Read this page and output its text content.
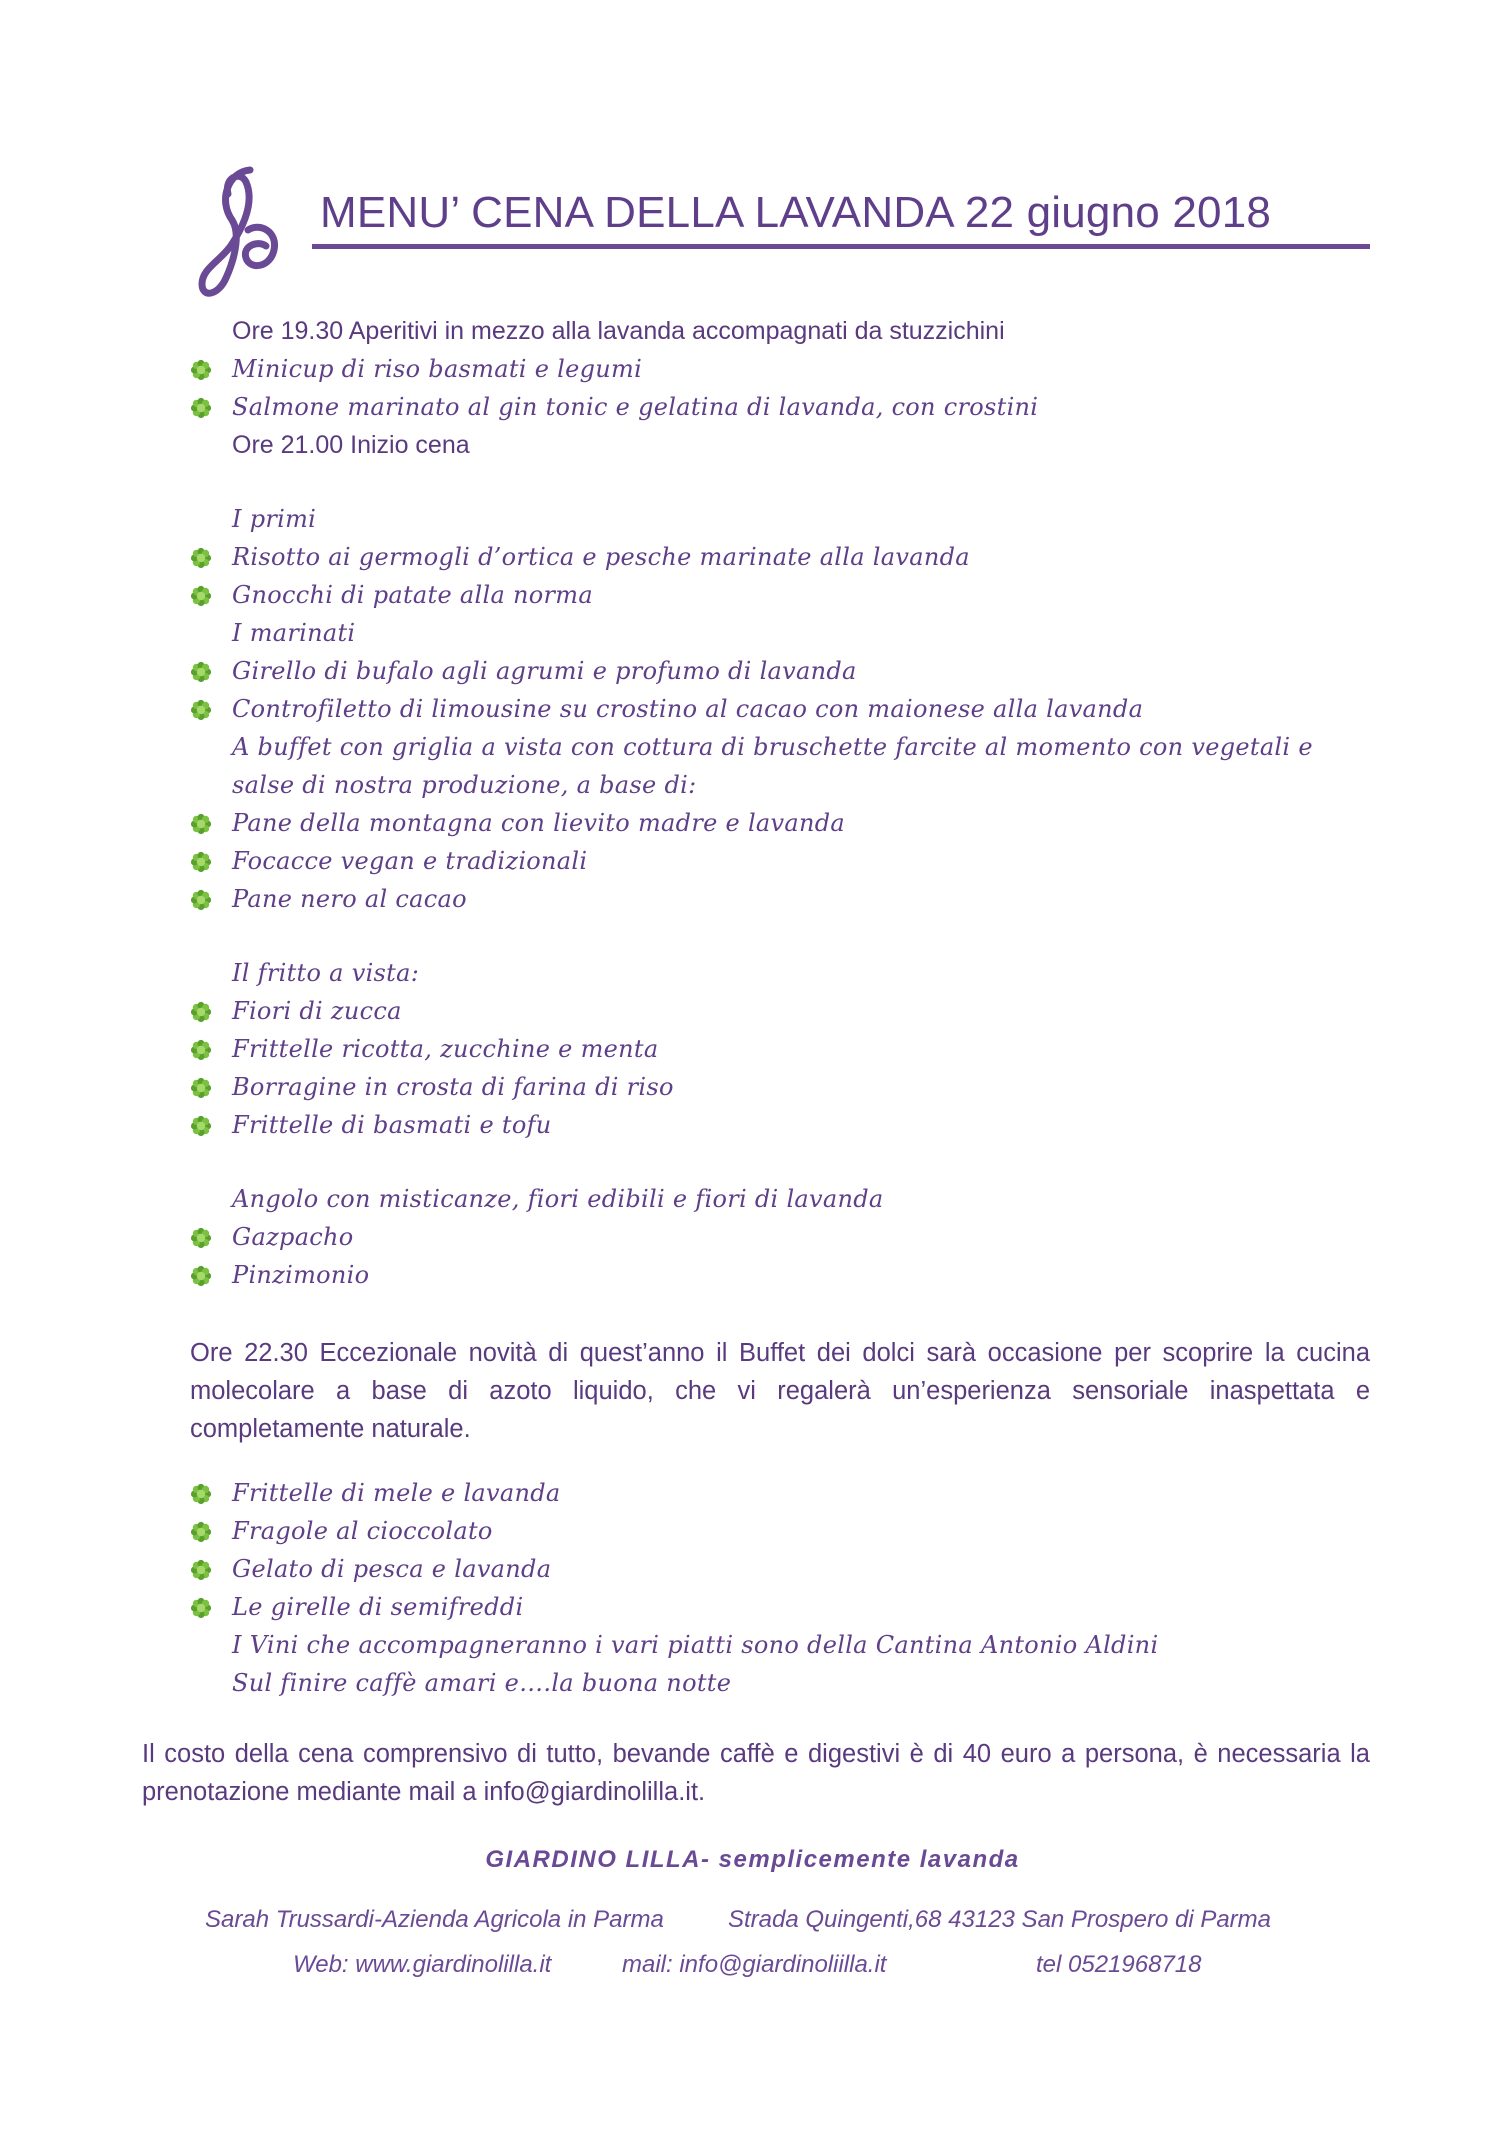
MENU’ CENA DELLA LAVANDA 22 giugno 2018
Ore 19.30 Aperitivi in mezzo alla lavanda accompagnati da stuzzichini
Minicup di riso basmati e legumi
Salmone marinato al gin tonic e gelatina di lavanda, con crostini
Ore 21.00 Inizio cena
I primi
Risotto ai germogli d’ortica e pesche marinate alla lavanda
Gnocchi di patate alla norma
I marinati
Girello di bufalo agli agrumi e profumo di lavanda
Controfiletto di limousine su crostino al cacao con maionese alla lavanda
A buffet con griglia a vista con cottura di bruschette farcite al momento con vegetali e
salse di nostra produzione, a base di:
Pane della montagna con lievito madre e lavanda
Focacce vegan e tradizionali
Pane nero al cacao
Il fritto a vista:
Fiori di zucca
Frittelle ricotta, zucchine e menta
Borragine in crosta di farina di riso
Frittelle di basmati e tofu
Angolo con misticanze, fiori edibili e fiori di lavanda
Gazpacho
Pinzimonio
Ore 22.30 Eccezionale novità di quest’anno il Buffet dei dolci sarà occasione per scoprire la cucina molecolare a base di azoto liquido, che vi regalerà un’esperienza sensoriale inaspettata e completamente naturale.
Frittelle di mele e lavanda
Fragole al cioccolato
Gelato di pesca e lavanda
Le girelle di semifreddi
I Vini che accompagneranno i vari piatti sono della Cantina Antonio Aldini
Sul finire caffè amari e….la buona notte
Il costo della cena comprensivo di tutto, bevande caffè e digestivi è di 40 euro a persona, è necessaria la prenotazione mediante mail a info@giardinolilla.it.
GIARDINO LILLA- semplicemente lavanda
Sarah Trussardi-Azienda Agricola in Parma	Strada Quingenti,68 43123 San Prospero di Parma
Web: www.giardinolilla.it	mail: info@giardinoliilla.it	tel 0521968718
